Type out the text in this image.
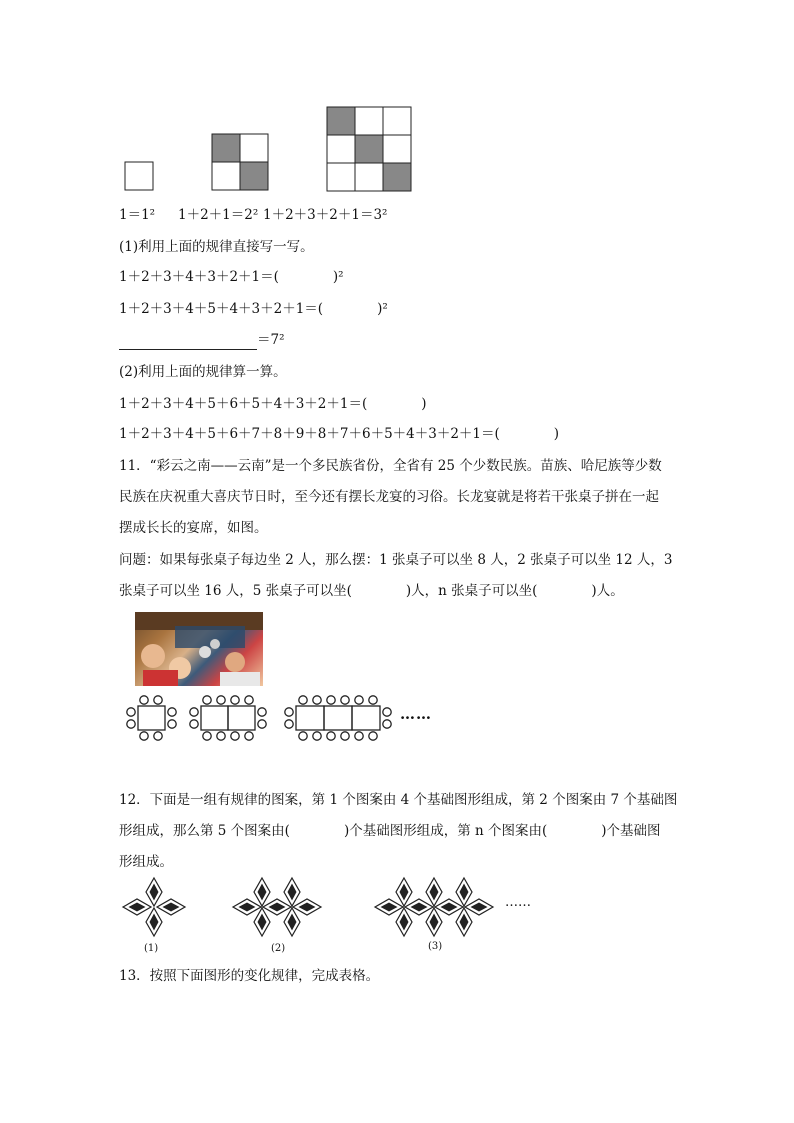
1＝1² 1＋2＋1＝2² 1＋2＋3＋2＋1＝3²
(1)利用上面的规律直接写一写。
1＋2＋3＋4＋3＋2＋1＝(　　　　)²
1＋2＋3＋4＋5＋4＋3＋2＋1＝(　　　　)²
＝7²
(2)利用上面的规律算一算。
1＋2＋3＋4＋5＋6＋5＋4＋3＋2＋1＝(　　　　)
1＋2＋3＋4＋5＋6＋7＋8＋9＋8＋7＋6＋5＋4＋3＋2＋1＝(　　　　)
11．“彩云之南——云南”是一个多民族省份，全省有 25 个少数民族。苗族、哈尼族等少数
民族在庆祝重大喜庆节日时，至今还有摆长龙宴的习俗。长龙宴就是将若干张桌子拼在一起
摆成长长的宴席，如图。
问题：如果每张桌子每边坐 2 人，那么摆：1 张桌子可以坐 8 人，2 张桌子可以坐 12 人，3
张桌子可以坐 16 人，5 张桌子可以坐(　　　　)人，n 张桌子可以坐(　　　　)人。
……
12．下面是一组有规律的图案，第 1 个图案由 4 个基础图形组成，第 2 个图案由 7 个基础图
形组成，那么第 5 个图案由(　　　　)个基础图形组成，第 n 个图案由(　　　　)个基础图
形组成。
……
(1)	(2)	(3)
13．按照下面图形的变化规律，完成表格。
